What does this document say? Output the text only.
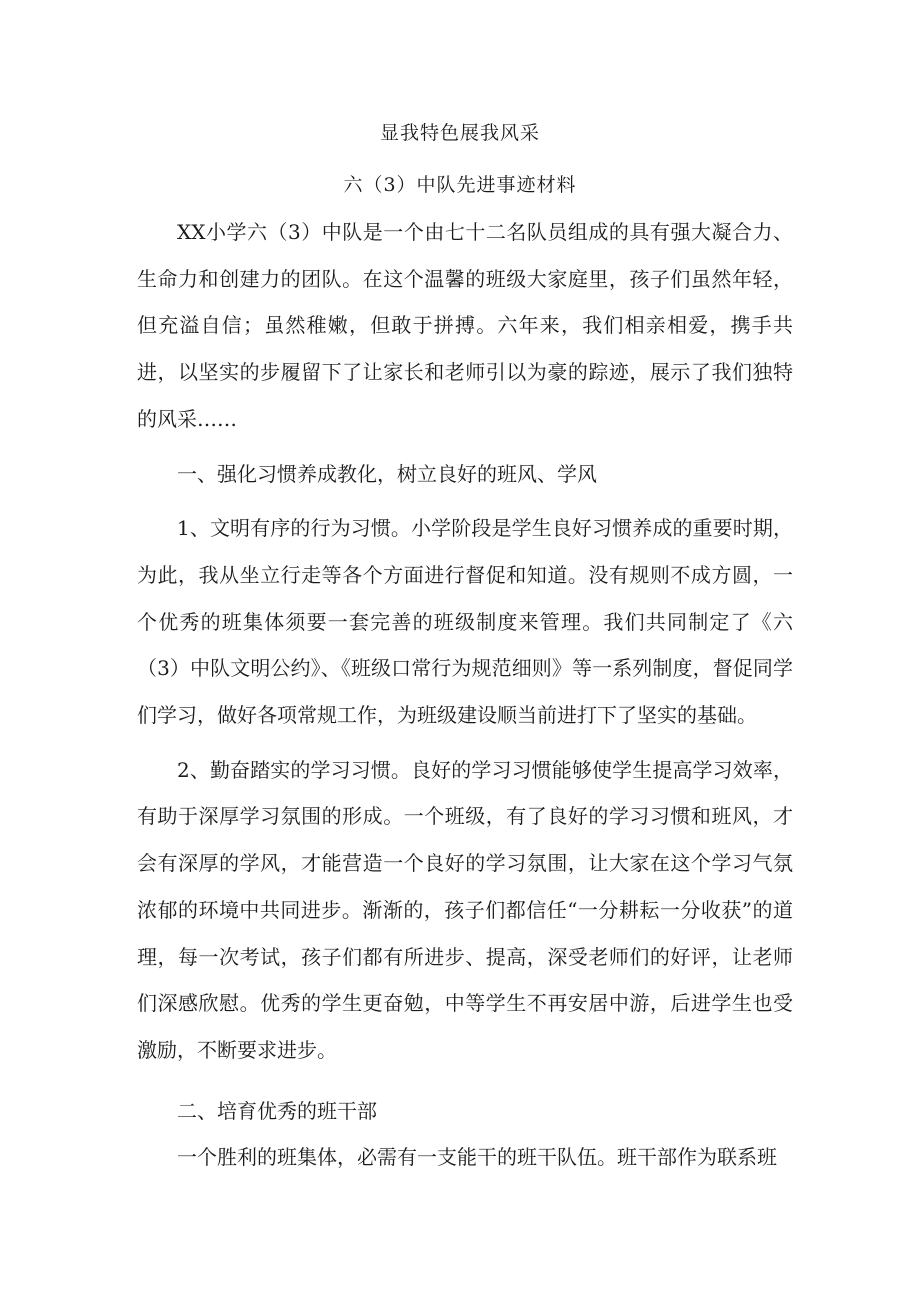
显我特色展我风采
六（3）中队先进事迹材料

XX小学六（3）中队是一个由七十二名队员组成的具有强大凝合力、生命力和创建力的团队。在这个温馨的班级大家庭里，孩子们虽然年轻，但充溢自信；虽然稚嫩，但敢于拼搏。六年来，我们相亲相爱，携手共进，以坚实的步履留下了让家长和老师引以为豪的踪迹，展示了我们独特的风采……

一、强化习惯养成教化，树立良好的班风、学风

1、文明有序的行为习惯。小学阶段是学生良好习惯养成的重要时期，为此，我从坐立行走等各个方面进行督促和知道。没有规则不成方圆，一个优秀的班集体须要一套完善的班级制度来管理。我们共同制定了《六（3）中队文明公约》、《班级口常行为规范细则》等一系列制度，督促同学们学习，做好各项常规工作，为班级建设顺当前进打下了坚实的基础。

2、勤奋踏实的学习习惯。良好的学习习惯能够使学生提高学习效率，有助于深厚学习氛围的形成。一个班级，有了良好的学习习惯和班风，才会有深厚的学风，才能营造一个良好的学习氛围，让大家在这个学习气氛浓郁的环境中共同进步。渐渐的，孩子们都信任“一分耕耘一分收获”的道理，每一次考试，孩子们都有所进步、提高，深受老师们的好评，让老师们深感欣慰。优秀的学生更奋勉，中等学生不再安居中游，后进学生也受激励，不断要求进步。

二、培育优秀的班干部

一个胜利的班集体，必需有一支能干的班干队伍。班干部作为联系班
